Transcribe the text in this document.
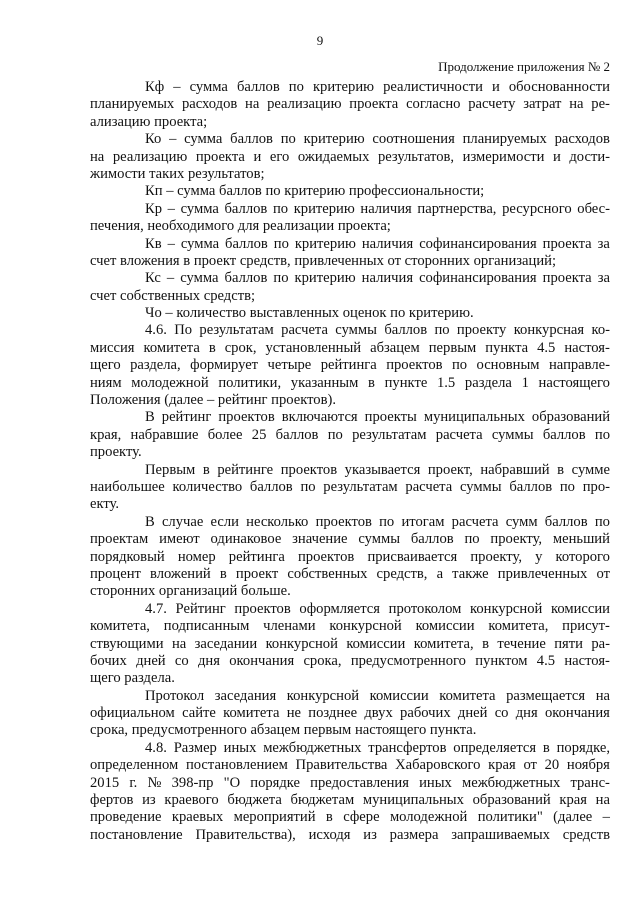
9
Продолжение приложения № 2
Кф – сумма баллов по критерию реалистичности и обоснованности
планируемых расходов на реализацию проекта согласно расчету затрат на ре-
ализацию проекта;
Ко – сумма баллов по критерию соотношения планируемых расходов
на реализацию проекта и его ожидаемых результатов, измеримости и дости-
жимости таких результатов;
Кп – сумма баллов по критерию профессиональности;
Кр – сумма баллов по критерию наличия партнерства, ресурсного обес-
печения, необходимого для реализации проекта;
Кв – сумма баллов по критерию наличия софинансирования проекта за
счет вложения в проект средств, привлеченных от сторонних организаций;
Кс – сумма баллов по критерию наличия софинансирования проекта за
счет собственных средств;
Чо – количество выставленных оценок по критерию.
4.6. По результатам расчета суммы баллов по проекту конкурсная ко-
миссия комитета в срок, установленный абзацем первым пункта 4.5 настоя-
щего раздела, формирует четыре рейтинга проектов по основным направле-
ниям молодежной политики, указанным в пункте 1.5 раздела 1 настоящего
Положения (далее – рейтинг проектов).
В рейтинг проектов включаются проекты муниципальных образований
края, набравшие более 25 баллов по результатам расчета суммы баллов по
проекту.
Первым в рейтинге проектов указывается проект, набравший в сумме
наибольшее количество баллов по результатам расчета суммы баллов по про-
екту.
В случае если несколько проектов по итогам расчета сумм баллов по
проектам имеют одинаковое значение суммы баллов по проекту, меньший
порядковый номер рейтинга проектов присваивается проекту, у которого
процент вложений в проект собственных средств, а также привлеченных от
сторонних организаций больше.
4.7. Рейтинг проектов оформляется протоколом конкурсной комиссии
комитета, подписанным членами конкурсной комиссии комитета, присут-
ствующими на заседании конкурсной комиссии комитета, в течение пяти ра-
бочих дней со дня окончания срока, предусмотренного пунктом 4.5 настоя-
щего раздела.
Протокол заседания конкурсной комиссии комитета размещается на
официальном сайте комитета не позднее двух рабочих дней со дня окончания
срока, предусмотренного абзацем первым настоящего пункта.
4.8. Размер иных межбюджетных трансфертов определяется в порядке,
определенном постановлением Правительства Хабаровского края от 20 ноября
2015 г. № 398-пр "О порядке предоставления иных межбюджетных транс-
фертов из краевого бюджета бюджетам муниципальных образований края на
проведение краевых мероприятий в сфере молодежной политики" (далее –
постановление Правительства), исходя из размера запрашиваемых средств
